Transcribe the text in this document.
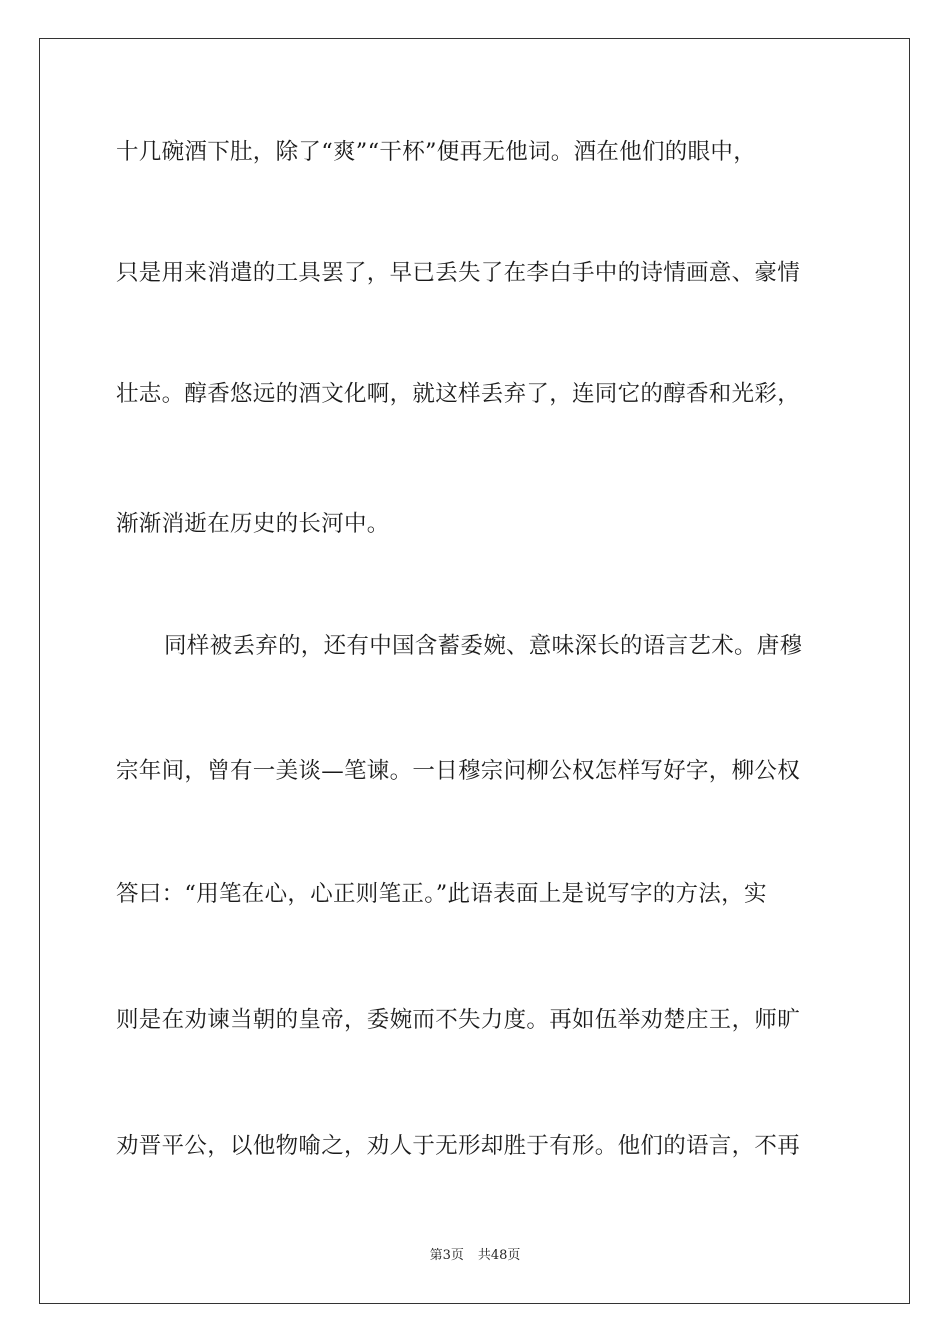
十几碗酒下肚，除了“爽”“干杯”便再无他词。酒在他们的眼中，
只是用来消遣的工具罢了，早已丢失了在李白手中的诗情画意、豪情
壮志。醇香悠远的酒文化啊，就这样丢弃了，连同它的醇香和光彩，
渐渐消逝在历史的长河中。
同样被丢弃的，还有中国含蓄委婉、意味深长的语言艺术。唐穆
宗年间，曾有一美谈—笔谏。一日穆宗问柳公权怎样写好字，柳公权
答曰：“用笔在心，心正则笔正。”此语表面上是说写字的方法，实
则是在劝谏当朝的皇帝，委婉而不失力度。再如伍举劝楚庄王，师旷
劝晋平公，以他物喻之，劝人于无形却胜于有形。他们的语言，不再
第3页 共48页
